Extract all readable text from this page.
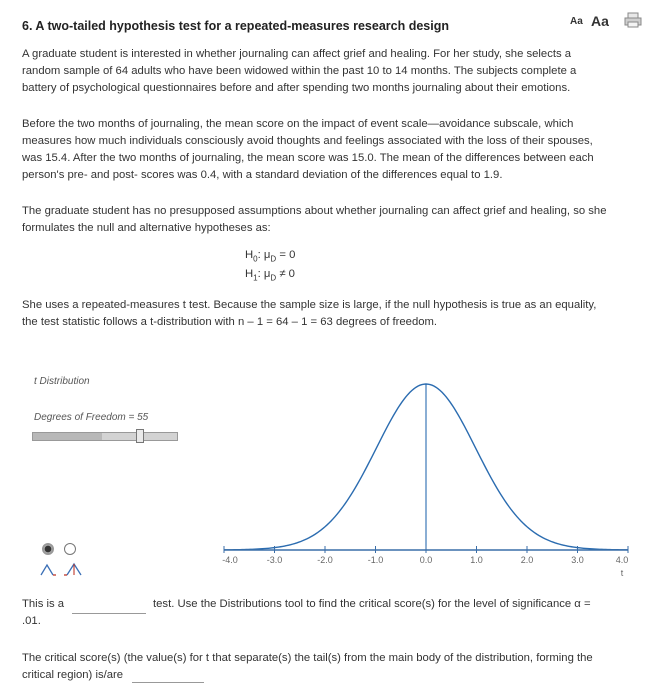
6. A two-tailed hypothesis test for a repeated-measures research design	Aa Aa
A graduate student is interested in whether journaling can affect grief and healing. For her study, she selects a
random sample of 64 adults who have been widowed within the past 10 to 14 months. The subjects complete a
battery of psychological questionnaires before and after spending two months journaling about their emotions.
Before the two months of journaling, the mean score on the impact of event scale—avoidance subscale, which
measures how much individuals consciously avoid thoughts and feelings associated with the loss of their spouses,
was 15.4. After the two months of journaling, the mean score was 15.0. The mean of the differences between each
person's pre- and post- scores was 0.4, with a standard deviation of the differences equal to 1.9.
The graduate student has no presupposed assumptions about whether journaling can affect grief and healing, so she
formulates the null and alternative hypotheses as:
$H_0$: $\mu_D = 0$
$H_1$: $\mu_D \ne 0$
She uses a repeated-measures t test. Because the sample size is large, if the null hypothesis is true as an equality,
the test statistic follows a t-distribution with n – 1 = 64 – 1 = 63 degrees of freedom.
t Distribution
Degrees of Freedom = 55
-4.0	-3.0	-2.0	-1.0	0.0	1.0	2.0	3.0	4.0
t
This is a	test. Use the Distributions tool to find the critical score(s) for the level of significance α =
.01.
The critical score(s) (the value(s) for t that separate(s) the tail(s) from the main body of the distribution, forming the
critical region) is/are
